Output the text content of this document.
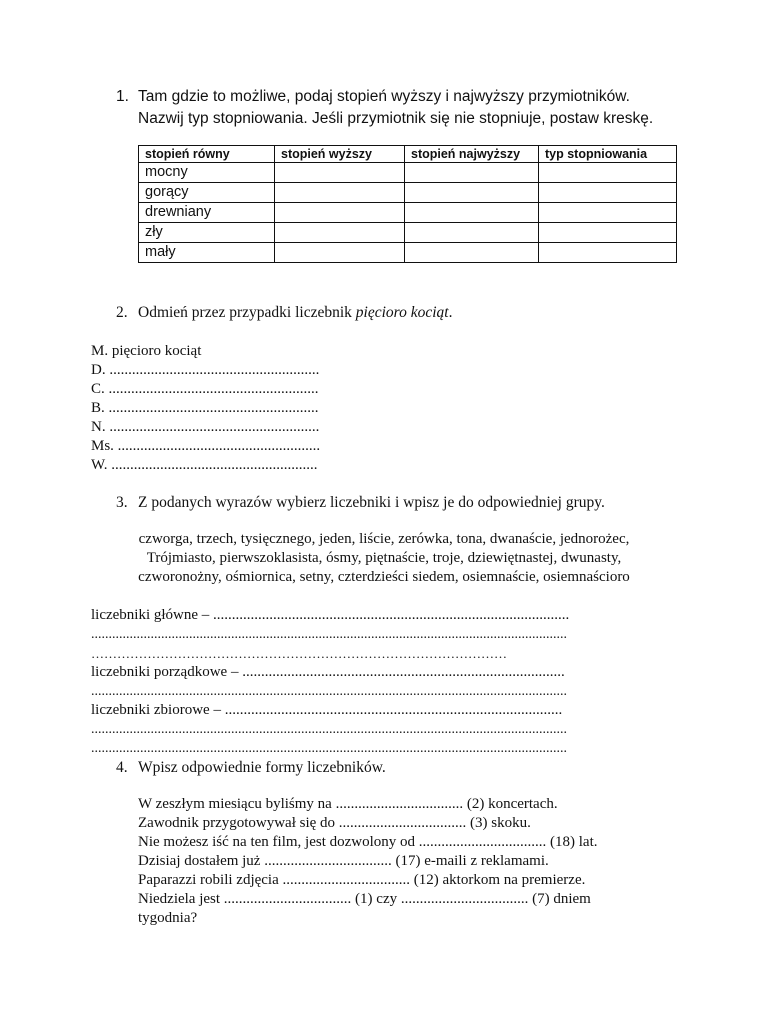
1. Tam gdzie to możliwe, podaj stopień wyższy i najwyższy przymiotników.
Nazwij typ stopniowania. Jeśli przymiotnik się nie stopniuje, postaw kreskę.
stopień równy	stopień wyższy	stopień najwyższy	typ stopniowania
mocny			
gorący			
drewniany			
zły			
mały			
2. Odmień przez przypadki liczebnik pięcioro kociąt.
M. pięcioro kociąt
D. ........................................................
C. ........................................................
B. ........................................................
N. ........................................................
Ms. ......................................................
W. .......................................................
3. Z podanych wyrazów wybierz liczebniki i wpisz je do odpowiedniej grupy.
czworga, trzech, tysięcznego, jeden, liście, zerówka, tona, dwanaście, jednorożec,
Trójmiasto, pierwszoklasista, ósmy, piętnaście, troje, dziewiętnastej, dwunasty,
czworonożny, ośmiornica, setny, czterdzieści siedem, osiemnaście, osiemnaścioro
liczebniki główne – ...............................................................................................
........................................................................................................................................
……………………………………………………………………………………
liczebniki porządkowe – ......................................................................................
........................................................................................................................................
liczebniki zbiorowe – ..........................................................................................
........................................................................................................................................
........................................................................................................................................
4. Wpisz odpowiednie formy liczebników.
W zeszłym miesiącu byliśmy na .................................. (2) koncertach.
Zawodnik przygotowywał się do .................................. (3) skoku.
Nie możesz iść na ten film, jest dozwolony od .................................. (18) lat.
Dzisiaj dostałem już .................................. (17) e-maili z reklamami.
Paparazzi robili zdjęcia .................................. (12) aktorkom na premierze.
Niedziela jest .................................. (1) czy .................................. (7) dniem
tygodnia?
